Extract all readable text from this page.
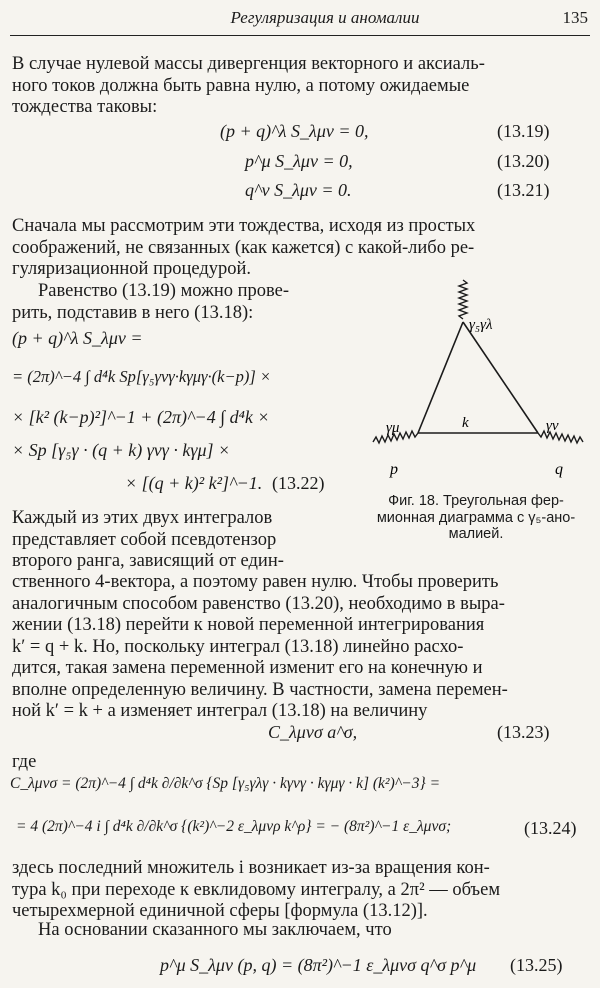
Регуляризация и аномалии	135
В случае нулевой массы дивергенция векторного и аксиаль-
ного токов должна быть равна нулю, а потому ожидаемые
тождества таковы:
(p + q)^λ S_λμν = 0,	(13.19)
p^μ S_λμν = 0,	(13.20)
q^ν S_λμν = 0.	(13.21)
Сначала мы рассмотрим эти тождества, исходя из простых
соображений, не связанных (как кажется) с какой-либо ре-
гуляризационной процедурой.
Равенство (13.19) можно прове-
рить, подставив в него (13.18):
(p + q)^λ S_λμν =
= (2π)^−4 ∫ d⁴k Sp[γ₅γνγ·kγμγ·(k−p)] ×
× [k² (k−p)²]^−1 + (2π)^−4 ∫ d⁴k ×
× Sp [γ₅γ · (q + k) γνγ · kγμ] ×
× [(q + k)² k²]^−1. (13.22)
γ₅γλ
γμ	γν
k
p	q
Фиг. 18. Треугольная фер-
мионная диаграмма с γ₅-ано-
малией.
Каждый из этих двух интегралов
представляет собой псевдотензор
второго ранга, зависящий от един-
ственного 4-вектора, а поэтому равен нулю. Чтобы проверить
аналогичным способом равенство (13.20), необходимо в выра-
жении (13.18) перейти к новой переменной интегрирования
k′ = q + k. Но, поскольку интеграл (13.18) линейно расхо-
дится, такая замена переменной изменит его на конечную и
вполне определенную величину. В частности, замена перемен-
ной k′ = k + a изменяет интеграл (13.18) на величину
C_λμνσ a^σ,	(13.23)
где
C_λμνσ = (2π)^−4 ∫ d⁴k ∂/∂k^σ {Sp [γ₅γλγ · kγνγ · kγμγ · k] (k²)^−3} =
= 4 (2π)^−4 i ∫ d⁴k ∂/∂k^σ {(k²)^−2 ε_λμνρ k^ρ} = − (8π²)^−1 ε_λμνσ;	(13.24)
здесь последний множитель i возникает из-за вращения кон-
тура k₀ при переходе к евклидовому интегралу, а 2π² — объем
четырехмерной единичной сферы [формула (13.12)].
На основании сказанного мы заключаем, что
p^μ S_λμν (p, q) = (8π²)^−1 ε_λμνσ q^σ p^μ (13.25)
